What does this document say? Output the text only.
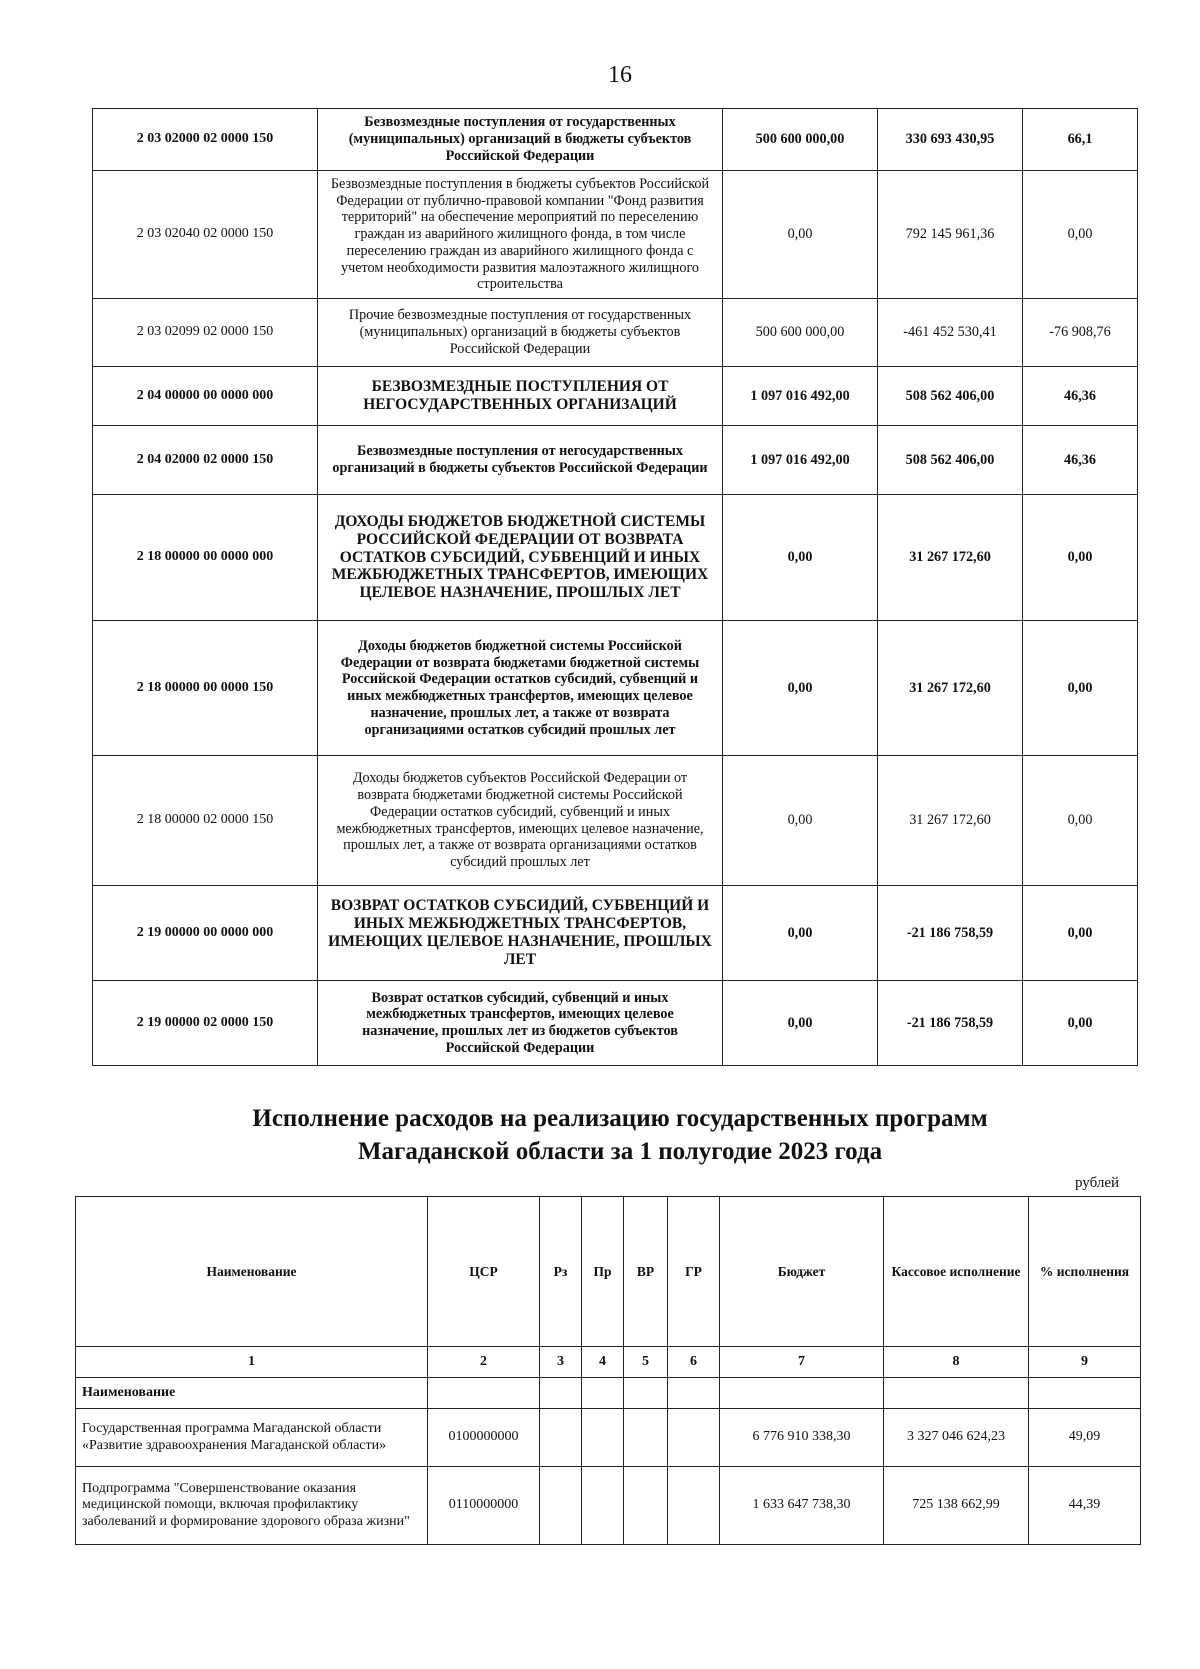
16
2 03 02000 02 0000 150	Безвозмездные поступления от государственных (муниципальных) организаций в бюджеты субъектов Российской Федерации	500 600 000,00	330 693 430,95	66,1
2 03 02040 02 0000 150	Безвозмездные поступления в бюджеты субъектов Российской Федерации от публично-правовой компании "Фонд развития территорий" на обеспечение мероприятий по переселению граждан из аварийного жилищного фонда, в том числе переселению граждан из аварийного жилищного фонда с учетом необходимости развития малоэтажного жилищного строительства	0,00	792 145 961,36	0,00
2 03 02099 02 0000 150	Прочие безвозмездные поступления от государственных (муниципальных) организаций в бюджеты субъектов Российской Федерации	500 600 000,00	-461 452 530,41	-76 908,76
2 04 00000 00 0000 000	БЕЗВОЗМЕЗДНЫЕ ПОСТУПЛЕНИЯ ОТ НЕГОСУДАРСТВЕННЫХ ОРГАНИЗАЦИЙ	1 097 016 492,00	508 562 406,00	46,36
2 04 02000 02 0000 150	Безвозмездные поступления от негосударственных организаций в бюджеты субъектов Российской Федерации	1 097 016 492,00	508 562 406,00	46,36
2 18 00000 00 0000 000	ДОХОДЫ БЮДЖЕТОВ БЮДЖЕТНОЙ СИСТЕМЫ РОССИЙСКОЙ ФЕДЕРАЦИИ ОТ ВОЗВРАТА ОСТАТКОВ СУБСИДИЙ, СУБВЕНЦИЙ И ИНЫХ МЕЖБЮДЖЕТНЫХ ТРАНСФЕРТОВ, ИМЕЮЩИХ ЦЕЛЕВОЕ НАЗНАЧЕНИЕ, ПРОШЛЫХ ЛЕТ	0,00	31 267 172,60	0,00
2 18 00000 00 0000 150	Доходы бюджетов бюджетной системы Российской Федерации от возврата бюджетами бюджетной системы Российской Федерации остатков субсидий, субвенций и иных межбюджетных трансфертов, имеющих целевое назначение, прошлых лет, а также от возврата организациями остатков субсидий прошлых лет	0,00	31 267 172,60	0,00
2 18 00000 02 0000 150	Доходы бюджетов субъектов Российской Федерации от возврата бюджетами бюджетной системы Российской Федерации остатков субсидий, субвенций и иных межбюджетных трансфертов, имеющих целевое назначение, прошлых лет, а также от возврата организациями остатков субсидий прошлых лет	0,00	31 267 172,60	0,00
2 19 00000 00 0000 000	ВОЗВРАТ ОСТАТКОВ СУБСИДИЙ, СУБВЕНЦИЙ И ИНЫХ МЕЖБЮДЖЕТНЫХ ТРАНСФЕРТОВ, ИМЕЮЩИХ ЦЕЛЕВОЕ НАЗНАЧЕНИЕ, ПРОШЛЫХ ЛЕТ	0,00	-21 186 758,59	0,00
2 19 00000 02 0000 150	Возврат остатков субсидий, субвенций и иных межбюджетных трансфертов, имеющих целевое назначение, прошлых лет из бюджетов субъектов Российской Федерации	0,00	-21 186 758,59	0,00
Исполнение расходов на реализацию государственных программ
Магаданской области за 1 полугодие 2023 года
рублей
Наименование	ЦСР	Рз	Пр	ВР	ГР	Бюджет	Кассовое исполнение	% исполнения
1	2	3	4	5	6	7	8	9
Наименование								
Государственная программа Магаданской области «Развитие здравоохранения Магаданской области»	0100000000					6 776 910 338,30	3 327 046 624,23	49,09
Подпрограмма "Совершенствование оказания медицинской помощи, включая профилактику заболеваний и формирование здорового образа жизни"	0110000000					1 633 647 738,30	725 138 662,99	44,39
